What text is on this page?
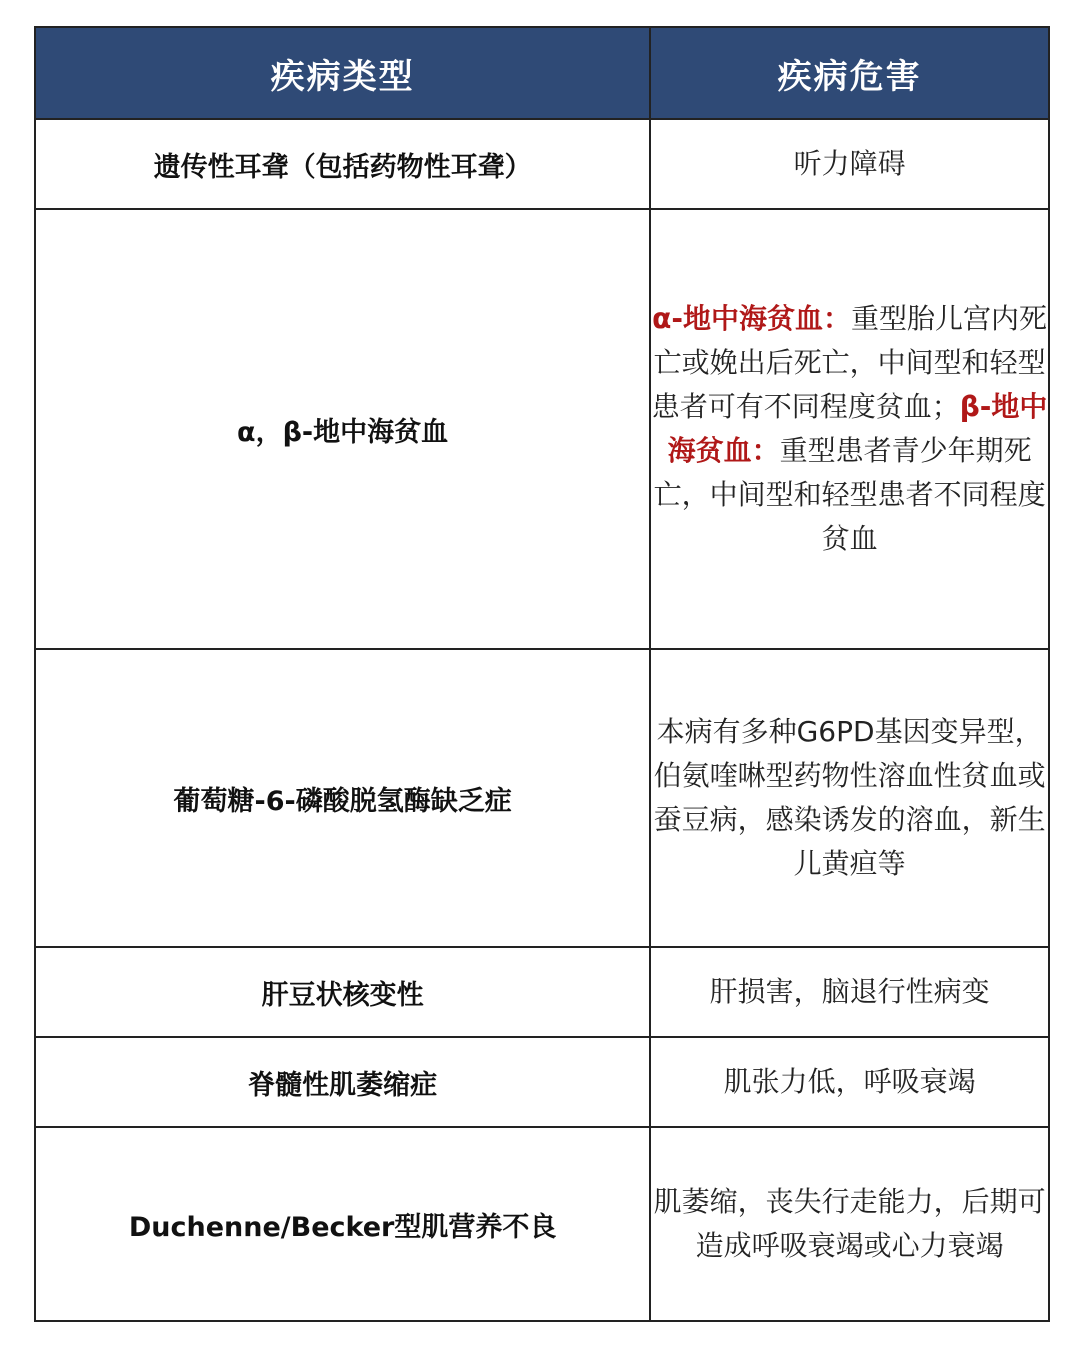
疾病类型	疾病危害
遗传性耳聋（包括药物性耳聋）	听力障碍
α，β-地中海贫血	α-地中海贫血：重型胎儿宫内死亡或娩出后死亡，中间型和轻型患者可有不同程度贫血；β-地中海贫血：重型患者青少年期死亡，中间型和轻型患者不同程度贫血
葡萄糖-6-磷酸脱氢酶缺乏症	本病有多种G6PD基因变异型，伯氨喹啉型药物性溶血性贫血或蚕豆病，感染诱发的溶血，新生儿黄疸等
肝豆状核变性	肝损害，脑退行性病变
脊髓性肌萎缩症	肌张力低，呼吸衰竭
Duchenne/Becker型肌营养不良	肌萎缩，丧失行走能力，后期可造成呼吸衰竭或心力衰竭
